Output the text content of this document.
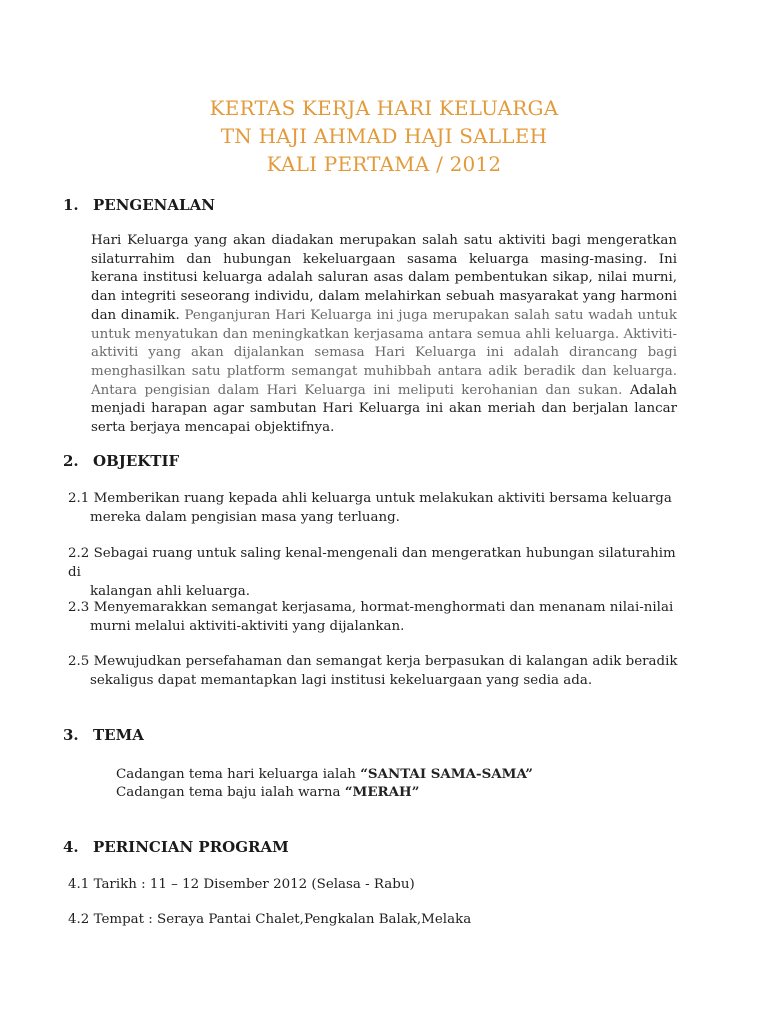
KERTAS KERJA HARI KELUARGA
TN HAJI AHMAD HAJI SALLEH
KALI PERTAMA / 2012
1. PENGENALAN
Hari Keluarga yang akan diadakan merupakan salah satu aktiviti bagi mengeratkan silaturrahim dan hubungan kekeluargaan sasama keluarga masing-masing. Ini kerana institusi keluarga adalah saluran asas dalam pembentukan sikap, nilai murni, dan integriti seseorang individu, dalam melahirkan sebuah masyarakat yang harmoni dan dinamik. Penganjuran Hari Keluarga ini juga merupakan salah satu wadah untuk untuk menyatukan dan meningkatkan kerjasama antara semua ahli keluarga. Aktiviti-aktiviti yang akan dijalankan semasa Hari Keluarga ini adalah dirancang bagi menghasilkan satu platform semangat muhibbah antara adik beradik dan keluarga. Antara pengisian dalam Hari Keluarga ini meliputi kerohanian dan sukan. Adalah menjadi harapan agar sambutan Hari Keluarga ini akan meriah dan berjalan lancar serta berjaya mencapai objektifnya.
2. OBJEKTIF
2.1 Memberikan ruang kepada ahli keluarga untuk melakukan aktiviti bersama keluarga
mereka dalam pengisian masa yang terluang.
2.2 Sebagai ruang untuk saling kenal-mengenali dan mengeratkan hubungan silaturahim di
kalangan ahli keluarga.
2.3 Menyemarakkan semangat kerjasama, hormat-menghormati dan menanam nilai-nilai
murni melalui aktiviti-aktiviti yang dijalankan.
2.5 Mewujudkan persefahaman dan semangat kerja berpasukan di kalangan adik beradik
sekaligus dapat memantapkan lagi institusi kekeluargaan yang sedia ada.
3. TEMA
Cadangan tema hari keluarga ialah “SANTAI SAMA-SAMA”
Cadangan tema baju ialah warna “MERAH”
4. PERINCIAN PROGRAM
4.1 Tarikh : 11 – 12 Disember 2012 (Selasa - Rabu)
4.2 Tempat : Seraya Pantai Chalet,Pengkalan Balak,Melaka
